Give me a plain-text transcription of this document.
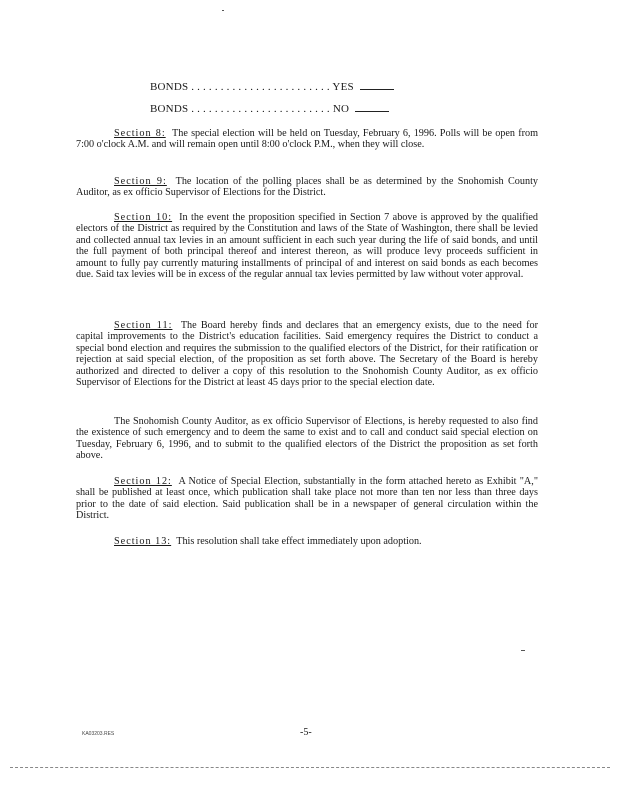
BONDS . . . . . . . . . . . . . . . . . . . . . . . . YES
BONDS . . . . . . . . . . . . . . . . . . . . . . . . NO
Section 8: The special election will be held on Tuesday, February 6, 1996. Polls will be open from 7:00 o'clock A.M. and will remain open until 8:00 o'clock P.M., when they will close.
Section 9: The location of the polling places shall be as determined by the Snohomish County Auditor, as ex officio Supervisor of Elections for the District.
Section 10: In the event the proposition specified in Section 7 above is approved by the qualified electors of the District as required by the Constitution and laws of the State of Washington, there shall be levied and collected annual tax levies in an amount sufficient in each such year during the life of said bonds, and until the full payment of both principal thereof and interest thereon, as will produce levy proceeds sufficient in amount to fully pay currently maturing installments of principal of and interest on said bonds as each becomes due. Said tax levies will be in excess of the regular annual tax levies permitted by law without voter approval.
Section 11: The Board hereby finds and declares that an emergency exists, due to the need for capital improvements to the District's education facilities. Said emergency requires the District to conduct a special bond election and requires the submission to the qualified electors of the District, for their ratification or rejection at said special election, of the proposition as set forth above. The Secretary of the Board is hereby authorized and directed to deliver a copy of this resolution to the Snohomish County Auditor, as ex officio Supervisor of Elections for the District at least 45 days prior to the special election date.
The Snohomish County Auditor, as ex officio Supervisor of Elections, is hereby requested to also find the existence of such emergency and to deem the same to exist and to call and conduct said special election on Tuesday, February 6, 1996, and to submit to the qualified electors of the District the proposition as set forth above.
Section 12: A Notice of Special Election, substantially in the form attached hereto as Exhibit "A," shall be published at least once, which publication shall take place not more than ten nor less than three days prior to the date of said election. Said publication shall be in a newspaper of general circulation within the District.
Section 13: This resolution shall take effect immediately upon adoption.
KA03203.RES	-5-
